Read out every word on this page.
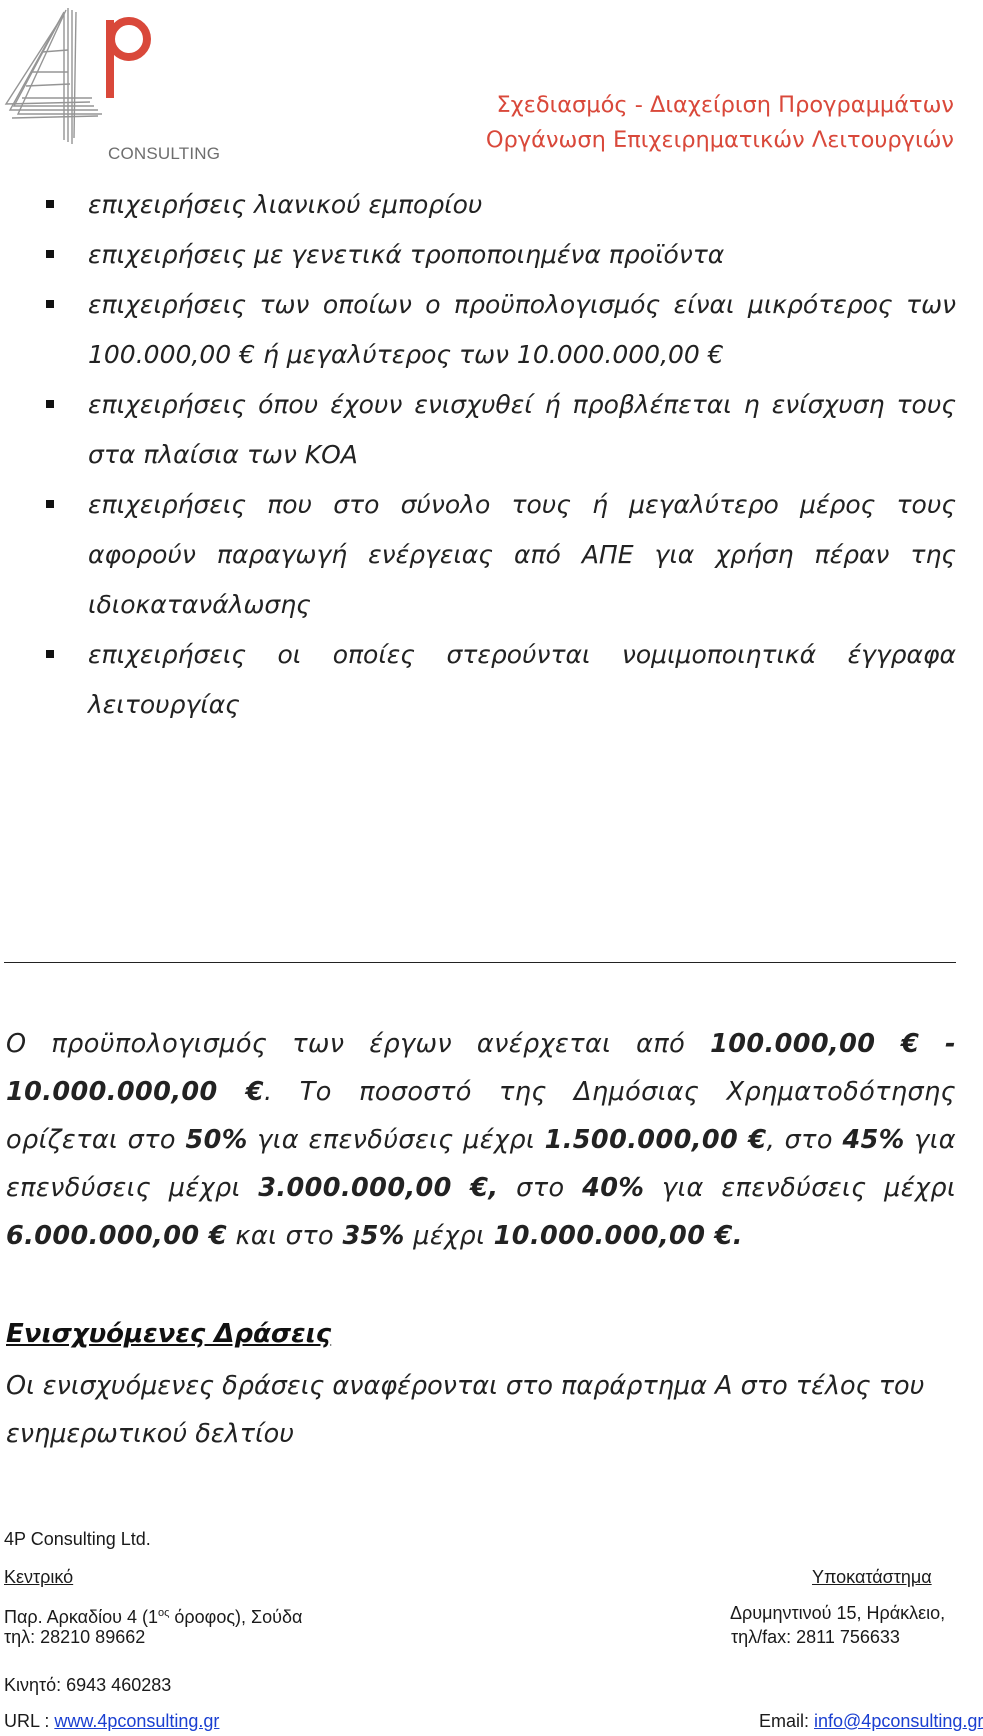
CONSULTING
Σχεδιασμός - Διαχείριση Προγραμμάτων
Οργάνωση Επιχειρηματικών Λειτουργιών
επιχειρήσεις λιανικού εμπορίου
επιχειρήσεις με γενετικά τροποποιημένα προϊόντα
επιχειρήσεις των οποίων ο προϋπολογισμός είναι μικρότερος των 100.000,00 € ή μεγαλύτερος των 10.000.000,00 €
επιχειρήσεις όπου έχουν ενισχυθεί ή προβλέπεται η ενίσχυση τους στα πλαίσια των ΚΟΑ
επιχειρήσεις που στο σύνολο τους ή μεγαλύτερο μέρος τους αφορούν παραγωγή ενέργειας από ΑΠΕ για χρήση πέραν της ιδιοκατανάλωσης
επιχειρήσεις οι οποίες στερούνται νομιμοποιητικά έγγραφα λειτουργίας

Ο προϋπολογισμός των έργων ανέρχεται από 100.000,00 € - 10.000.000,00 €. Το ποσοστό της Δημόσιας Χρηματοδότησης ορίζεται στο 50% για επενδύσεις μέχρι 1.500.000,00 €, στο 45% για επενδύσεις μέχρι 3.000.000,00 €, στο 40% για επενδύσεις μέχρι 6.000.000,00 € και στο 35% μέχρι 10.000.000,00 €.

Ενισχυόμενες Δράσεις

Οι ενισχυόμενες δράσεις αναφέρονται στο παράρτημα Α στο τέλος του ενημερωτικού δελτίου

4P Consulting Ltd.
Κεντρικό	Υποκατάστημα
Παρ. Αρκαδίου 4 ($1^{o\varsigma}$ όροφος), Σούδα
τηλ: 28210 89662
Δρυμηντινού 15, Ηράκλειο,
τηλ/fax: 2811 756633
Κινητό: 6943 460283
URL : www.4pconsulting.gr	Email: info@4pconsulting.gr
